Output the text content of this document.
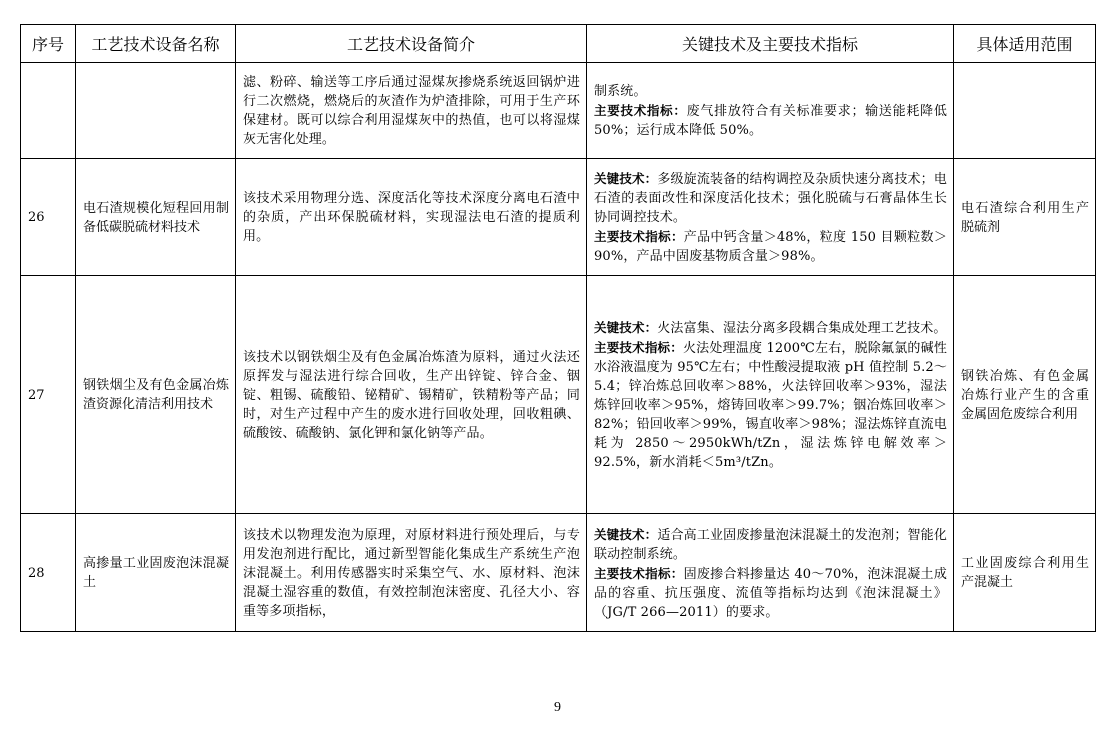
序号	工艺技术设备名称	工艺技术设备简介	关键技术及主要技术指标	具体适用范围
		滤、粉碎、输送等工序后通过湿煤灰掺烧系统返回锅炉进行二次燃烧，燃烧后的灰渣作为炉渣排除，可用于生产环保建材。既可以综合利用湿煤灰中的热值，也可以将湿煤灰无害化处理。	制系统。
主要技术指标：废气排放符合有关标准要求；输送能耗降低 50%；运行成本降低 50%。	
26	电石渣规模化短程回用制备低碳脱硫材料技术	该技术采用物理分选、深度活化等技术深度分离电石渣中的杂质，产出环保脱硫材料，实现湿法电石渣的提质利用。	关键技术：多级旋流装备的结构调控及杂质快速分离技术；电石渣的表面改性和深度活化技术；强化脱硫与石膏晶体生长协同调控技术。
主要技术指标：产品中钙含量＞48%，粒度 150 目颗粒数＞90%，产品中固废基物质含量＞98%。	电石渣综合利用生产脱硫剂
27	钢铁烟尘及有色金属冶炼渣资源化清洁利用技术	该技术以钢铁烟尘及有色金属冶炼渣为原料，通过火法还原挥发与湿法进行综合回收，生产出锌锭、锌合金、铟锭、粗锡、硫酸铅、铋精矿、锡精矿，铁精粉等产品；同时，对生产过程中产生的废水进行回收处理，回收粗碘、硫酸铵、硫酸钠、氯化钾和氯化钠等产品。	关键技术：火法富集、湿法分离多段耦合集成处理工艺技术。
主要技术指标：火法处理温度 1200℃左右，脱除氟氯的碱性水浴液温度为 95℃左右；中性酸浸提取液 pH 值控制 5.2～5.4；锌冶炼总回收率＞88%，火法锌回收率＞93%，湿法炼锌回收率＞95%，熔铸回收率＞99.7%；铟冶炼回收率＞82%；铅回收率＞99%，锡直收率＞98%；湿法炼锌直流电耗为 2850～2950kWh/tZn，湿法炼锌电解效率＞92.5%，新水消耗＜5m³/tZn。	钢铁冶炼、有色金属冶炼行业产生的含重金属固危废综合利用
28	高掺量工业固废泡沫混凝土	该技术以物理发泡为原理，对原材料进行预处理后，与专用发泡剂进行配比，通过新型智能化集成生产系统生产泡沫混凝土。利用传感器实时采集空气、水、原材料、泡沫混凝土湿容重的数值，有效控制泡沫密度、孔径大小、容重等多项指标，	关键技术：适合高工业固废掺量泡沫混凝土的发泡剂；智能化联动控制系统。
主要技术指标：固废掺合料掺量达 40～70%，泡沫混凝土成品的容重、抗压强度、流值等指标均达到《泡沫混凝土》（JG/T 266—2011）的要求。	工业固废综合利用生产混凝土
9
